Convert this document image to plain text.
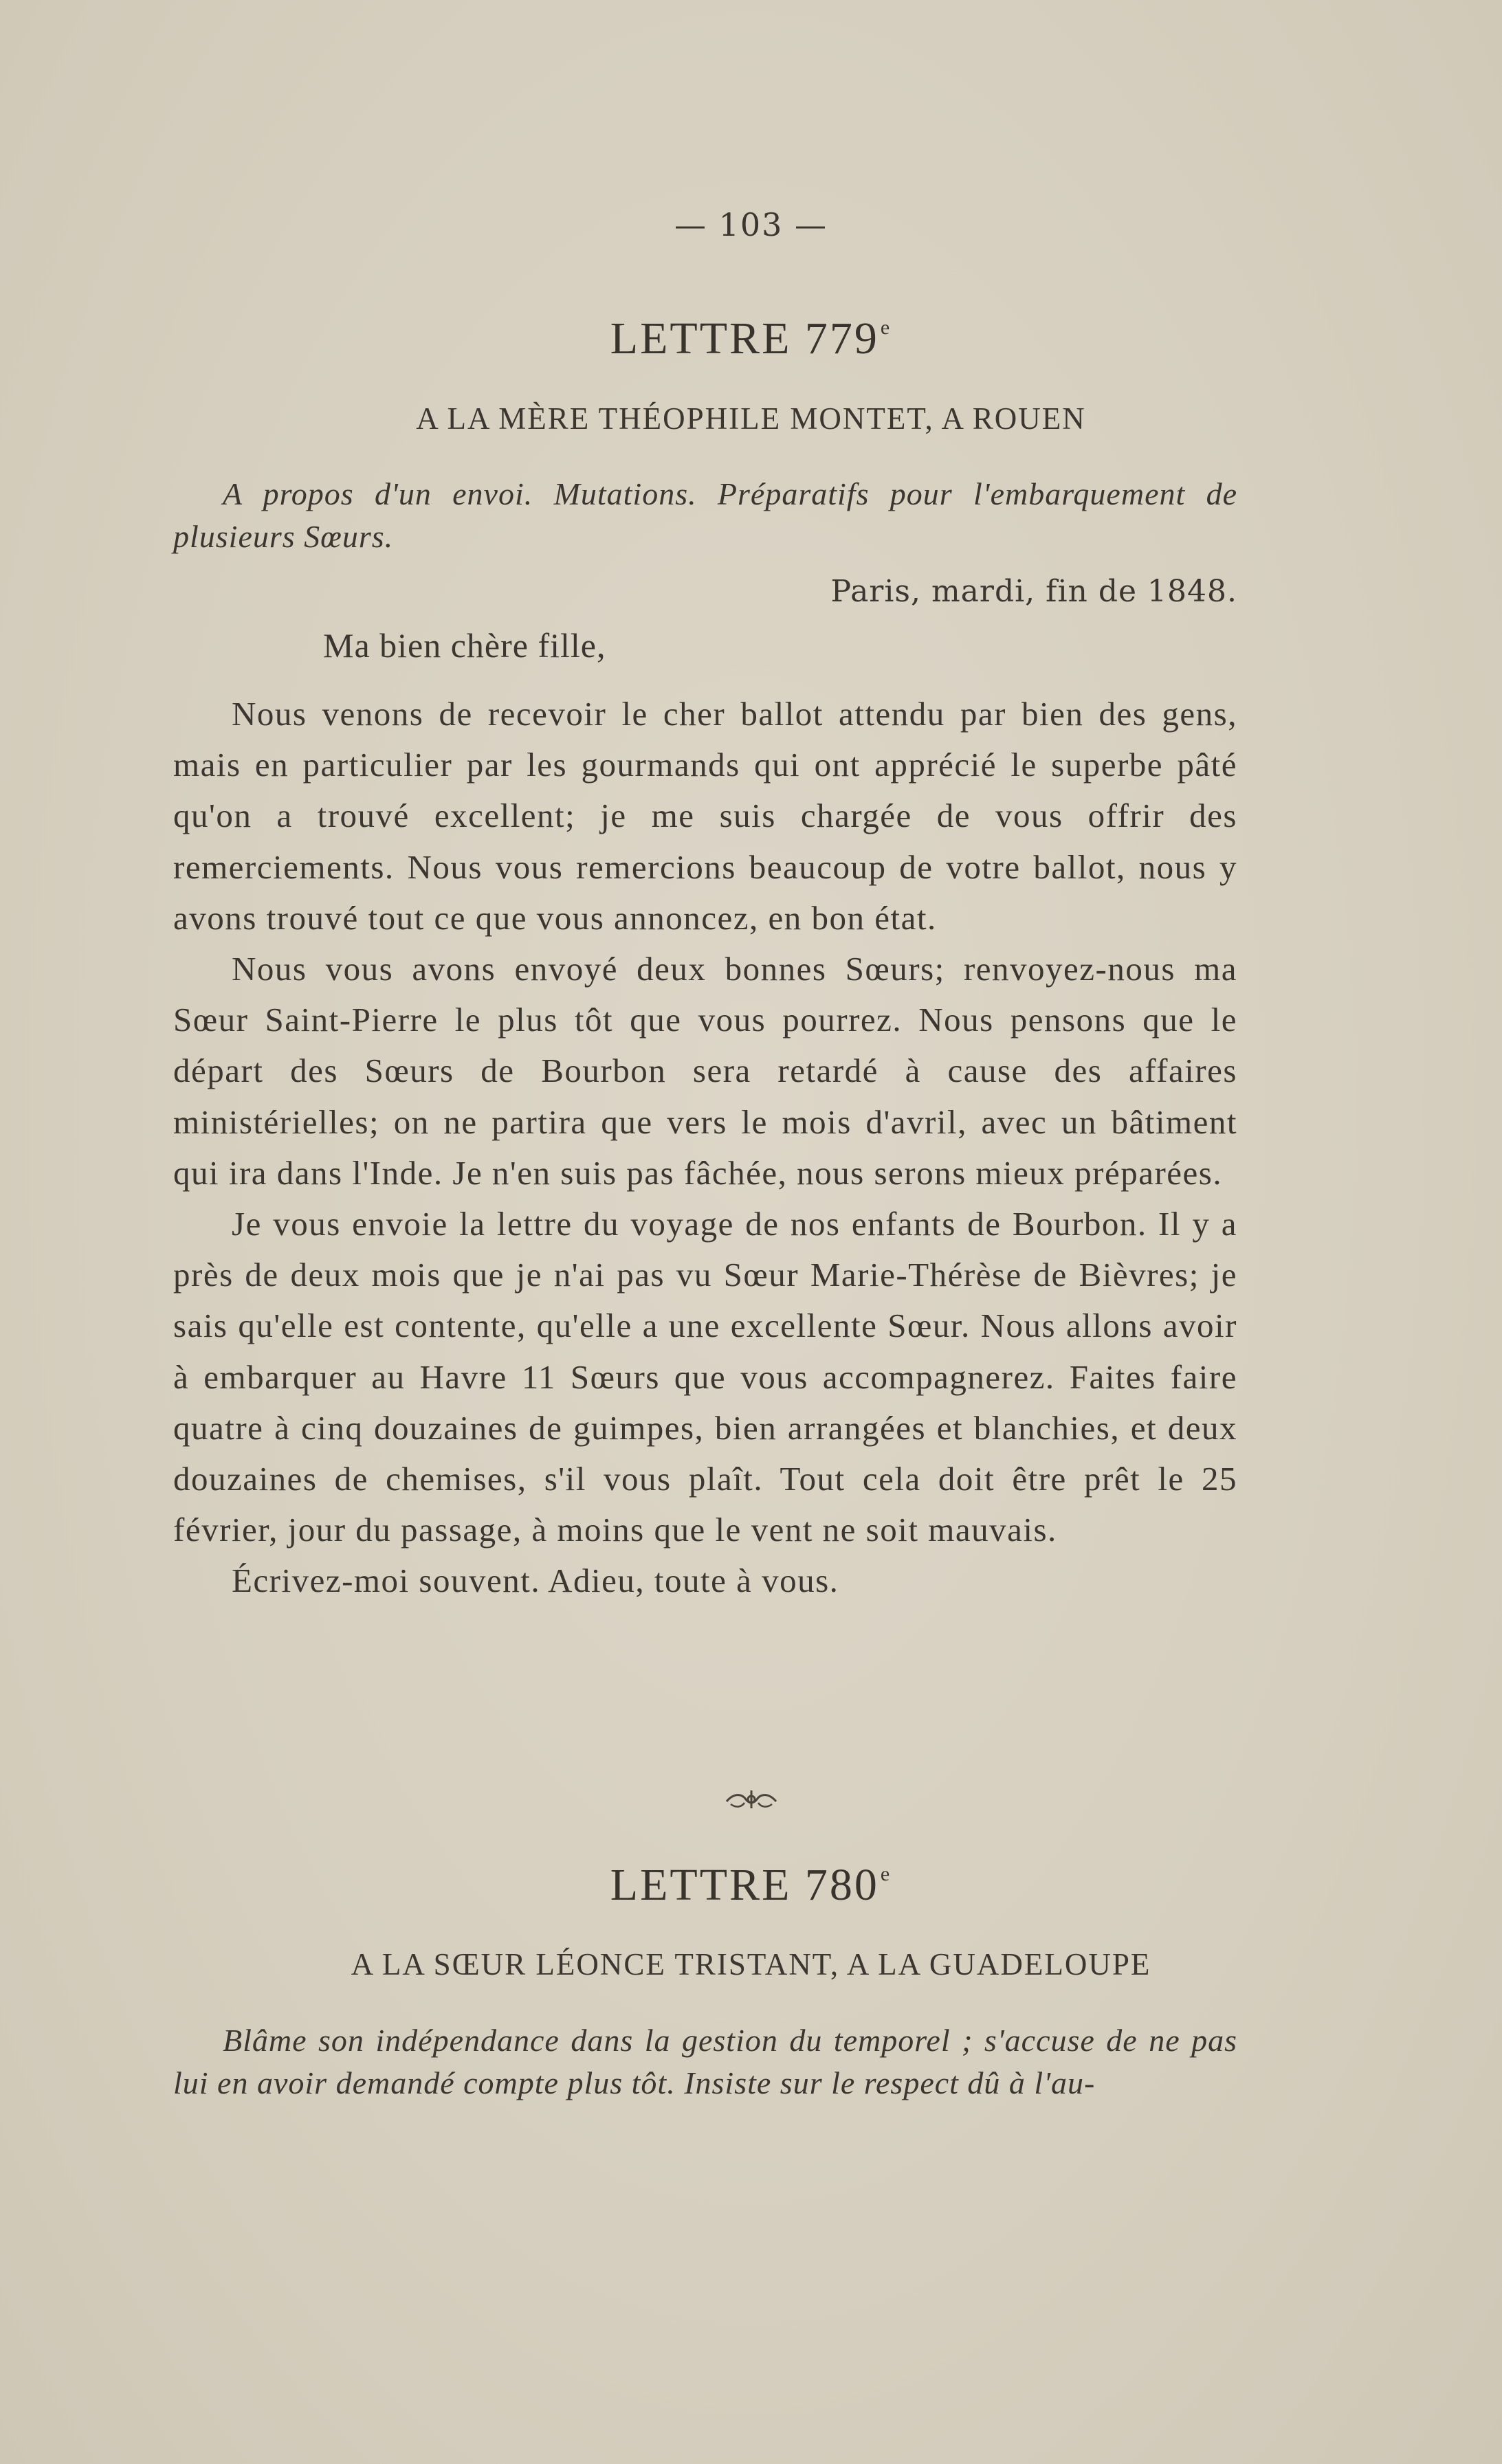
— 103 —
LETTRE 779e
A LA MÈRE THÉOPHILE MONTET, A ROUEN
A propos d'un envoi. Mutations. Préparatifs pour l'embarquement de plusieurs Sœurs.
Paris, mardi, fin de 1848.
Ma bien chère fille,

Nous venons de recevoir le cher ballot attendu par bien des gens, mais en particulier par les gourmands qui ont apprécié le superbe pâté qu'on a trouvé excellent; je me suis chargée de vous offrir des remerciements. Nous vous remercions beaucoup de votre ballot, nous y avons trouvé tout ce que vous annoncez, en bon état.

Nous vous avons envoyé deux bonnes Sœurs; renvoyez-nous ma Sœur Saint-Pierre le plus tôt que vous pourrez. Nous pensons que le départ des Sœurs de Bourbon sera retardé à cause des affaires ministérielles; on ne partira que vers le mois d'avril, avec un bâtiment qui ira dans l'Inde. Je n'en suis pas fâchée, nous serons mieux préparées.

Je vous envoie la lettre du voyage de nos enfants de Bourbon. Il y a près de deux mois que je n'ai pas vu Sœur Marie-Thérèse de Bièvres; je sais qu'elle est contente, qu'elle a une excellente Sœur. Nous allons avoir à embarquer au Havre 11 Sœurs que vous accompagnerez. Faites faire quatre à cinq douzaines de guimpes, bien arrangées et blanchies, et deux douzaines de chemises, s'il vous plaît. Tout cela doit être prêt le 25 février, jour du passage, à moins que le vent ne soit mauvais.

Écrivez-moi souvent. Adieu, toute à vous.

LETTRE 780e
A LA SŒUR LÉONCE TRISTANT, A LA GUADELOUPE
Blâme son indépendance dans la gestion du temporel ; s'accuse de ne pas lui en avoir demandé compte plus tôt. Insiste sur le respect dû à l'au-
